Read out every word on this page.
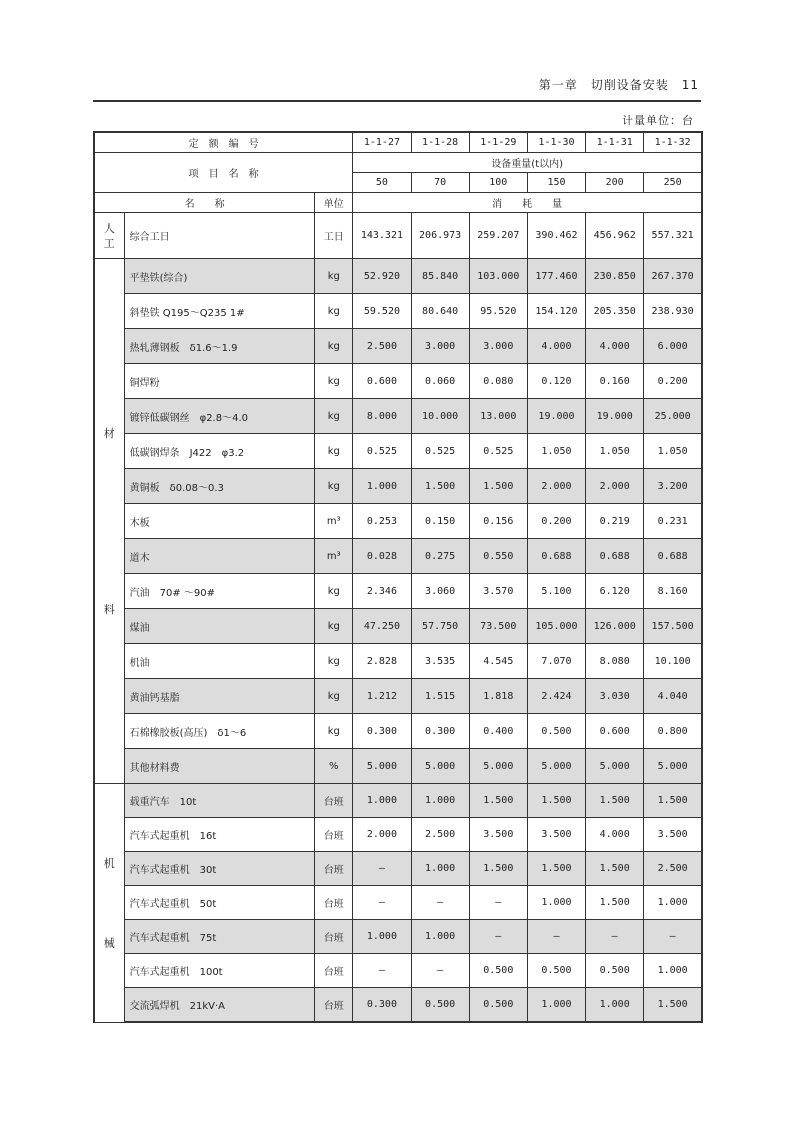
第一章　切削设备安装　11
计量单位：台
定　额　编　号			1-1-27	1-1-28	1-1-29	1-1-30	1-1-31	1-1-32
项　目　名　称			设备重量(t以内)					
			50	70	100	150	200	250
名　　称		单位	消　　耗　　量					
人工	综合工日	工日	143.321	206.973	259.207	390.462	456.962	557.321

材
料	平垫铁(综合)	kg	52.920	85.840	103.000	177.460	230.850	267.370
	斜垫铁 Q195～Q235 1#	kg	59.520	80.640	95.520	154.120	205.350	238.930
	热轧薄钢板　δ1.6～1.9	kg	2.500	3.000	3.000	4.000	4.000	6.000
	铜焊粉	kg	0.600	0.060	0.080	0.120	0.160	0.200
	镀锌低碳钢丝　φ2.8～4.0	kg	8.000	10.000	13.000	19.000	19.000	25.000
	低碳钢焊条　J422　φ3.2	kg	0.525	0.525	0.525	1.050	1.050	1.050
	黄铜板　δ0.08～0.3	kg	1.000	1.500	1.500	2.000	2.000	3.200
	木板	m³	0.253	0.150	0.156	0.200	0.219	0.231
	道木	m³	0.028	0.275	0.550	0.688	0.688	0.688
	汽油　70# ～90#	kg	2.346	3.060	3.570	5.100	6.120	8.160
	煤油	kg	47.250	57.750	73.500	105.000	126.000	157.500
	机油	kg	2.828	3.535	4.545	7.070	8.080	10.100
	黄油钙基脂	kg	1.212	1.515	1.818	2.424	3.030	4.040
	石棉橡胶板(高压)　δ1～6	kg	0.300	0.300	0.400	0.500	0.600	0.800
	其他材料费	%	5.000	5.000	5.000	5.000	5.000	5.000

机
械	载重汽车　10t	台班	1.000	1.000	1.500	1.500	1.500	1.500
	汽车式起重机　16t	台班	2.000	2.500	3.500	3.500	4.000	3.500
	汽车式起重机　30t	台班	—	1.000	1.500	1.500	1.500	2.500
	汽车式起重机　50t	台班	—	—	—	1.000	1.500	1.000
	汽车式起重机　75t	台班	1.000	1.000	—	—	—	—
	汽车式起重机　100t	台班	—	—	0.500	0.500	0.500	1.000
	交流弧焊机　21kV·A	台班	0.300	0.500	0.500	1.000	1.000	1.500
